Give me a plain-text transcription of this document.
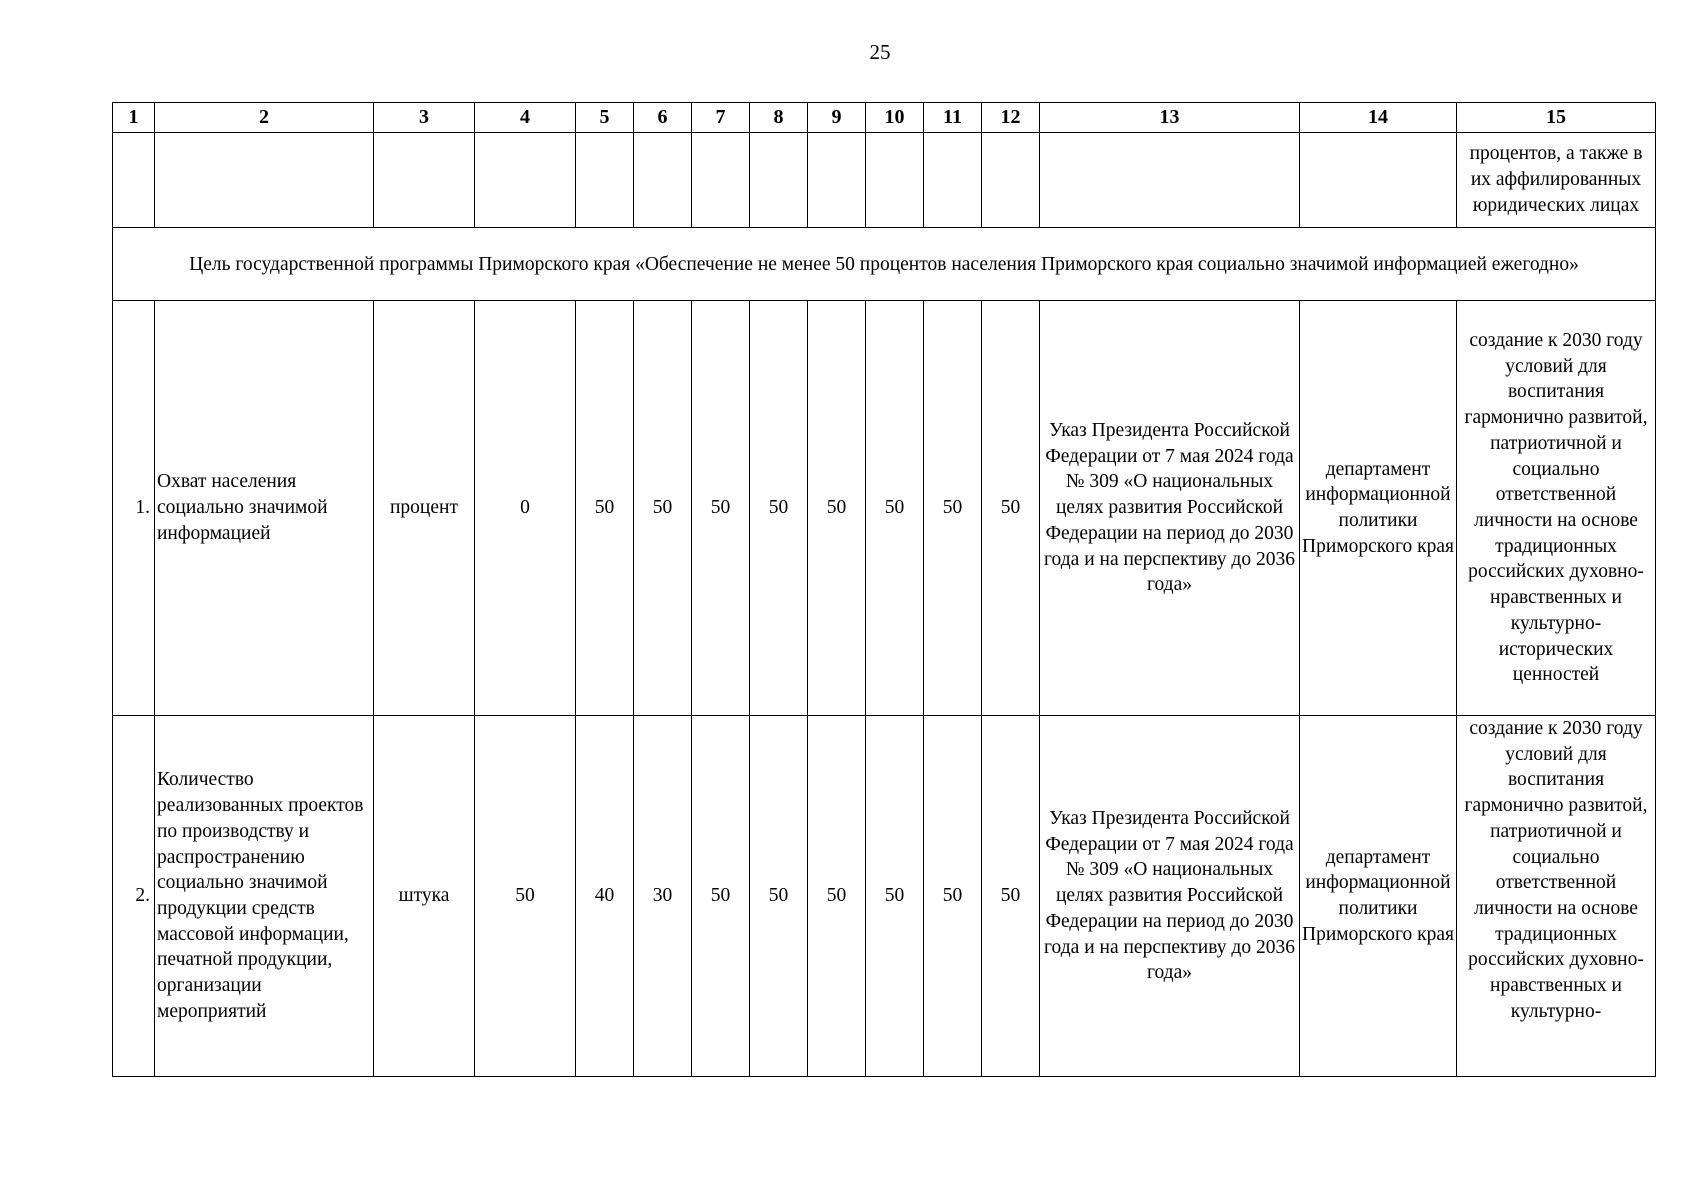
25
1	2	3	4	5	6	7	8	9	10	11	12	13	14	15

														процентов, а также в их аффилированных юридических лицах

Цель государственной программы Приморского края «Обеспечение не менее 50 процентов населения Приморского края социально значимой информацией ежегодно»														
1.	Охват населения социально значимой информацией	процент	0	50	50	50	50	50	50	50	50	Указ Президента Российской Федерации от 7 мая 2024 года № 309 «О национальных целях развития Российской Федерации на период до 2030 года и на перспективу до 2036 года»	департамент информационной политики Приморского края	создание к 2030 году условий для воспитания гармонично развитой, патриотичной и социально ответственной личности на основе традиционных российских духовно-нравственных и культурно-исторических ценностей

2.	Количество реализованных проектов по производству и распространению социально значимой продукции средств массовой информации, печатной продукции, организации мероприятий	штука	50	40	30	50	50	50	50	50	50	Указ Президента Российской Федерации от 7 мая 2024 года № 309 «О национальных целях развития Российской Федерации на период до 2030 года и на перспективу до 2036 года»	департамент информационной политики Приморского края	создание к 2030 году условий для воспитания гармонично развитой, патриотичной и социально ответственной личности на основе традиционных российских духовно-нравственных и культурно-
